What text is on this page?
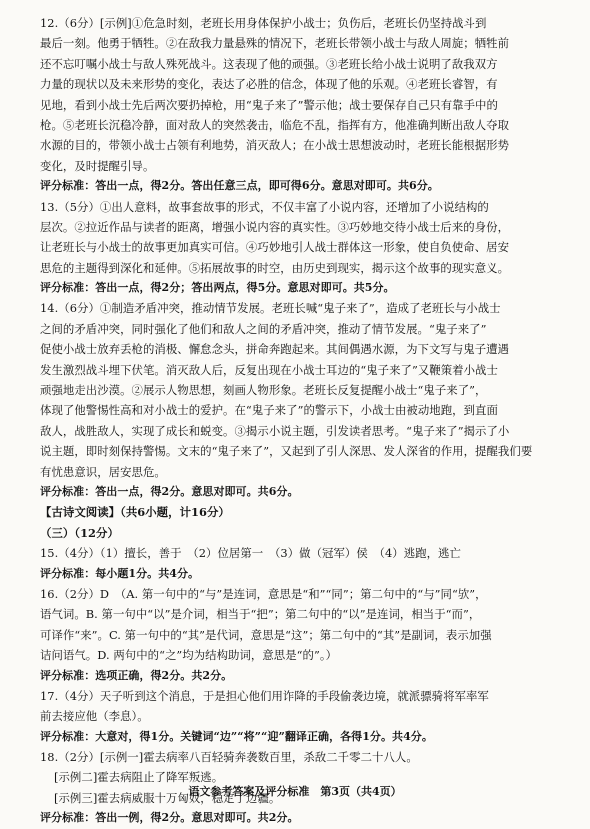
12.（6分）[示例]①危急时刻，老班长用身体保护小战士；负伤后，老班长仍坚持战斗到
最后一刻。他勇于牺牲。②在敌我力量悬殊的情况下，老班长带领小战士与敌人周旋；牺牲前
还不忘叮嘱小战士与敌人殊死战斗。这表现了他的顽强。③老班长给小战士说明了敌我双方
力量的现状以及未来形势的变化，表达了必胜的信念，体现了他的乐观。④老班长睿智，有
见地，看到小战士先后两次要扔掉枪，用“鬼子来了”警示他；战士要保存自己只有靠手中的
枪。⑤老班长沉稳冷静，面对敌人的突然袭击，临危不乱，指挥有方，他准确判断出敌人夺取
水源的目的，带领小战士占领有利地势，消灭敌人；在小战士思想波动时，老班长能根据形势
变化，及时提醒引导。
评分标准：答出一点，得2分。答出任意三点，即可得6分。意思对即可。共6分。
13.（5分）①出人意料，故事套故事的形式，不仅丰富了小说内容，还增加了小说结构的
层次。②拉近作品与读者的距离，增强小说内容的真实性。③巧妙地交待小战士后来的身份，
让老班长与小战士的故事更加真实可信。④巧妙地引人战士群体这一形象，使自负使命、居安
思危的主题得到深化和延伸。⑤拓展故事的时空，由历史到现实，揭示这个故事的现实意义。
评分标准：答出一点，得2分；答出两点，得5分。意思对即可。共5分。
14.（6分）①制造矛盾冲突，推动情节发展。老班长喊“鬼子来了”，造成了老班长与小战士
之间的矛盾冲突，同时强化了他们和敌人之间的矛盾冲突，推动了情节发展。“鬼子来了”
促使小战士放弃丢枪的消极、懈怠念头，拼命奔跑起来。其间偶遇水源，为下文写与鬼子遭遇
发生激烈战斗埋下伏笔。消灭敌人后，反复出现在小战士耳边的“鬼子来了”又鞭策着小战士
顽强地走出沙漠。②展示人物思想，刻画人物形象。老班长反复提醒小战士“鬼子来了”，
体现了他警惕性高和对小战士的爱护。在“鬼子来了”的警示下，小战士由被动地跑，到直面
敌人，战胜敌人，实现了成长和蜕变。③揭示小说主题，引发读者思考。“鬼子来了”揭示了小
说主题，即时刻保持警惕。文末的“鬼子来了”，又起到了引人深思、发人深省的作用，提醒我们要
有忧患意识，居安思危。
评分标准：答出一点，得2分。意思对即可。共6分。
【古诗文阅读】（共6小题，计16分）
（三）（12分）
15.（4分）（1）擅长，善于　（2）位居第一　（3）做（冠军）侯　（4）逃跑，逃亡
评分标准：每小题1分。共4分。
16.（2分）D　（A. 第一句中的“与”是连词，意思是“和”“同”；第二句中的“与”同“欤”，
语气词。B. 第一句中“以”是介词，相当于“把”；第二句中的“以”是连词，相当于“而”，
可译作“来”。C. 第一句中的“其”是代词，意思是“这”；第二句中的“其”是副词，表示加强
诘问语气。D. 两句中的“之”均为结构助词，意思是“的”。）
评分标准：选项正确，得2分。共2分。
17.（4分）天子听到这个消息，于是担心他们用诈降的手段偷袭边境，就派骠骑将军率军
前去接应他（李息）。
评分标准：大意对，得1分。关键词“边”“将”“迎”翻译正确，各得1分。共4分。
18.（2分）[示例一]霍去病率八百轻骑奔袭数百里，杀敌二千零二十八人。
[示例二]霍去病阻止了降军叛逃。
[示例三]霍去病威服十万匈奴，稳定了边疆。
评分标准：答出一例，得2分。意思对即可。共2分。
语文参考答案及评分标准　第3页（共4页）
